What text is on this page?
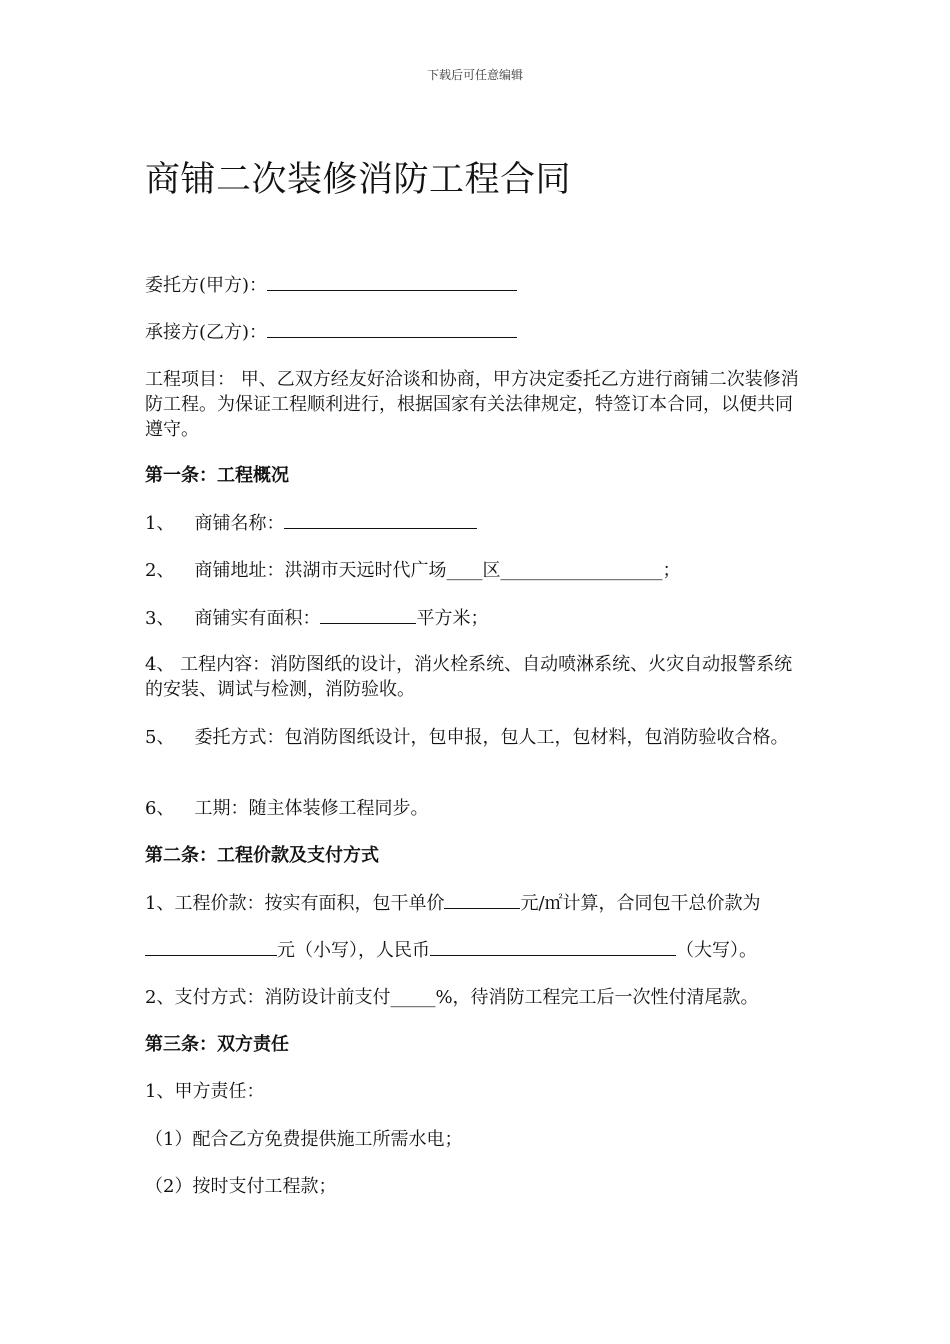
下载后可任意编辑
商铺二次装修消防工程合同
委托方(甲方)：
承接方(乙方)：
工程项目： 甲、乙双方经友好洽谈和协商，甲方决定委托乙方进行商铺二次装修消防工程。为保证工程顺利进行，根据国家有关法律规定，特签订本合同，以便共同遵守。
第一条：工程概况
1、 商铺名称：
2、 商铺地址：洪湖市天远时代广场____区__________________；
3、 商铺实有面积：	平方米；
4、 工程内容：消防图纸的设计，消火栓系统、自动喷淋系统、火灾自动报警系统的安装、调试与检测，消防验收。
5、 委托方式：包消防图纸设计，包申报，包人工，包材料，包消防验收合格。
6、 工期：随主体装修工程同步。
第二条：工程价款及支付方式
1、工程价款：按实有面积，包干单价	元/㎡计算，合同包干总价款为
元（小写），人民币	（大写）。
2、支付方式：消防设计前支付_____%，待消防工程完工后一次性付清尾款。
第三条：双方责任
1、甲方责任：
（1）配合乙方免费提供施工所需水电；
（2）按时支付工程款；
